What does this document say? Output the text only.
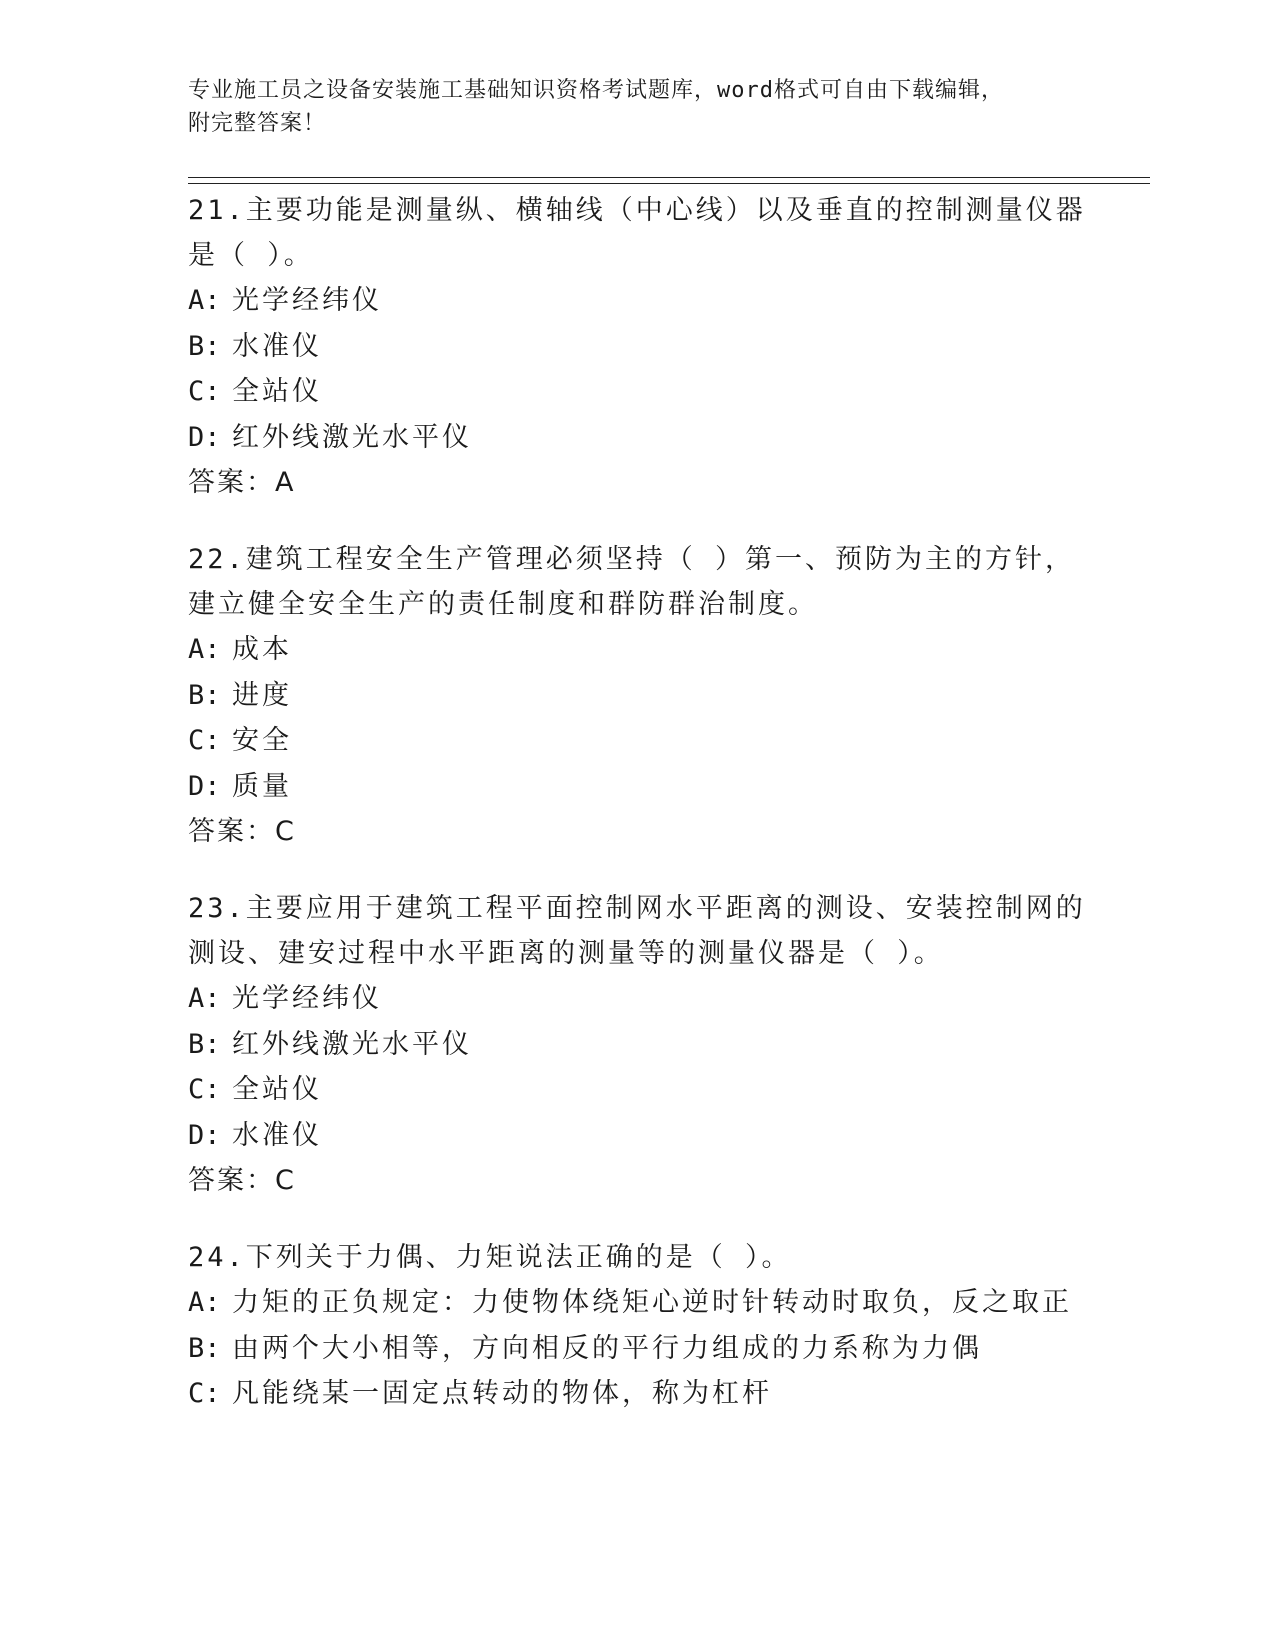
专业施工员之设备安装施工基础知识资格考试题库，word格式可自由下载编辑，
附完整答案！

21.主要功能是测量纵、横轴线（中心线）以及垂直的控制测量仪器是（ ）。

A: 光学经纬仪
B: 水准仪
C: 全站仪
D: 红外线激光水平仪
答案：A

22.建筑工程安全生产管理必须坚持（ ）第一、预防为主的方针，建立健全安全生产的责任制度和群防群治制度。

A: 成本
B: 进度
C: 安全
D: 质量
答案：C

23.主要应用于建筑工程平面控制网水平距离的测设、安装控制网的测设、建安过程中水平距离的测量等的测量仪器是（ ）。

A: 光学经纬仪
B: 红外线激光水平仪
C: 全站仪
D: 水准仪
答案：C

24.下列关于力偶、力矩说法正确的是（ ）。

A: 力矩的正负规定：力使物体绕矩心逆时针转动时取负，反之取正
B: 由两个大小相等，方向相反的平行力组成的力系称为力偶
C: 凡能绕某一固定点转动的物体，称为杠杆
